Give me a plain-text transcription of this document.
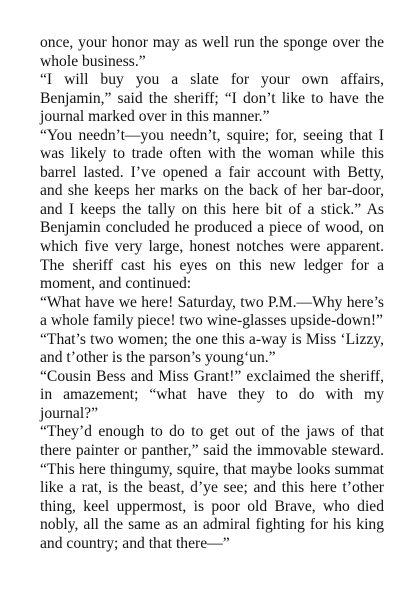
once, your honor may as well run the sponge over the whole business.”

“I will buy you a slate for your own affairs, Benjamin,” said the sheriff; “I don’t like to have the journal marked over in this manner.”

“You needn’t—you needn’t, squire; for, seeing that I was likely to trade often with the woman while this barrel lasted. I’ve opened a fair account with Betty, and she keeps her marks on the back of her bar-door, and I keeps the tally on this here bit of a stick.” As Benjamin concluded he produced a piece of wood, on which five very large, honest notches were apparent. The sheriff cast his eyes on this new ledger for a moment, and continued:

“What have we here! Saturday, two P.M.—Why here’s a whole family piece! two wine-glasses upside-down!”

“That’s two women; the one this a-way is Miss ‘Lizzy, and t’other is the parson’s young‘un.”

“Cousin Bess and Miss Grant!” exclaimed the sheriff, in amazement; “what have they to do with my journal?”

“They’d enough to do to get out of the jaws of that there painter or panther,” said the immovable steward. “This here thingumy, squire, that maybe looks summat like a rat, is the beast, d’ye see; and this here t’other thing, keel uppermost, is poor old Brave, who died nobly, all the same as an admiral fighting for his king and country; and that there—”
